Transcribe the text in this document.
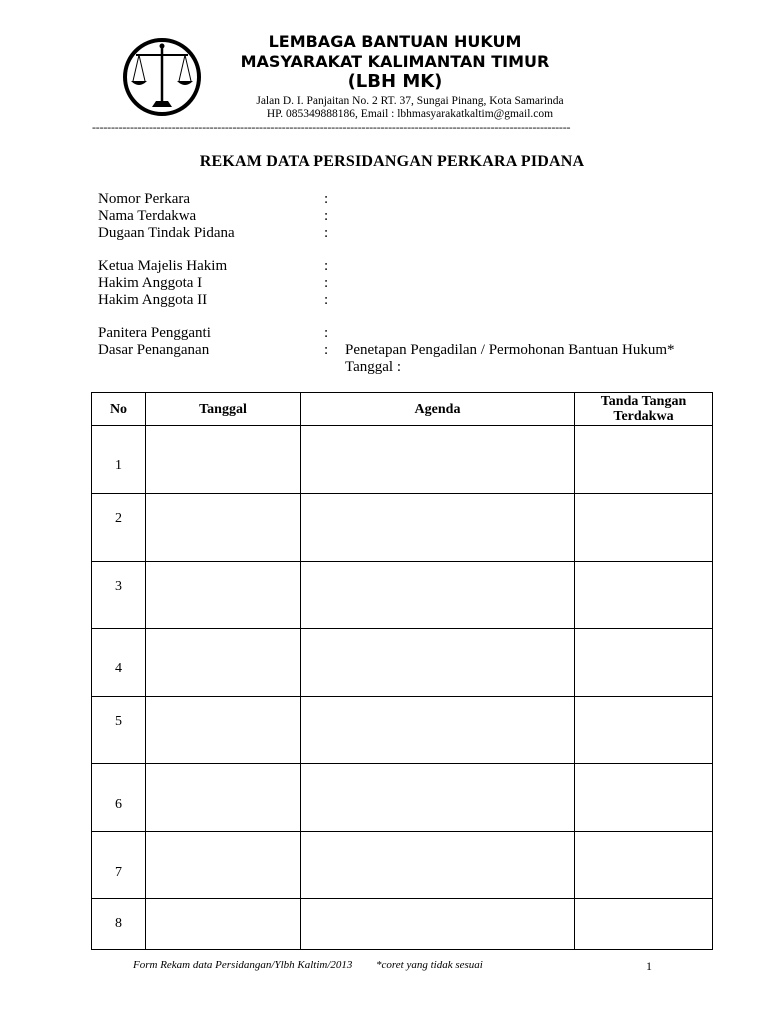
LEMBAGA BANTUAN HUKUM
MASYARAKAT KALIMANTAN TIMUR
(LBH MK)
Jalan D. I. Panjaitan No. 2 RT. 37, Sungai Pinang, Kota Samarinda
HP. 085349888186, Email : lbhmasyarakatkaltim@gmail.com
------------------------------------------------------------------------------------------------------------------------------
REKAM DATA PERSIDANGAN PERKARA PIDANA
Nomor Perkara	:
Nama Terdakwa	:
Dugaan Tindak Pidana	:
Ketua Majelis Hakim	:
Hakim Anggota I	:
Hakim Anggota II	:
Panitera Pengganti	:
Dasar Penanganan	: Penetapan Pengadilan / Permohonan Bantuan Hukum*
Tanggal :
No	Tanggal	Agenda	Tanda Tangan Terdakwa
1			
2			
3			
4			
5			
6			
7			
8			
Form Rekam data Persidangan/Ylbh Kaltim/2013 *coret yang tidak sesuai	1
